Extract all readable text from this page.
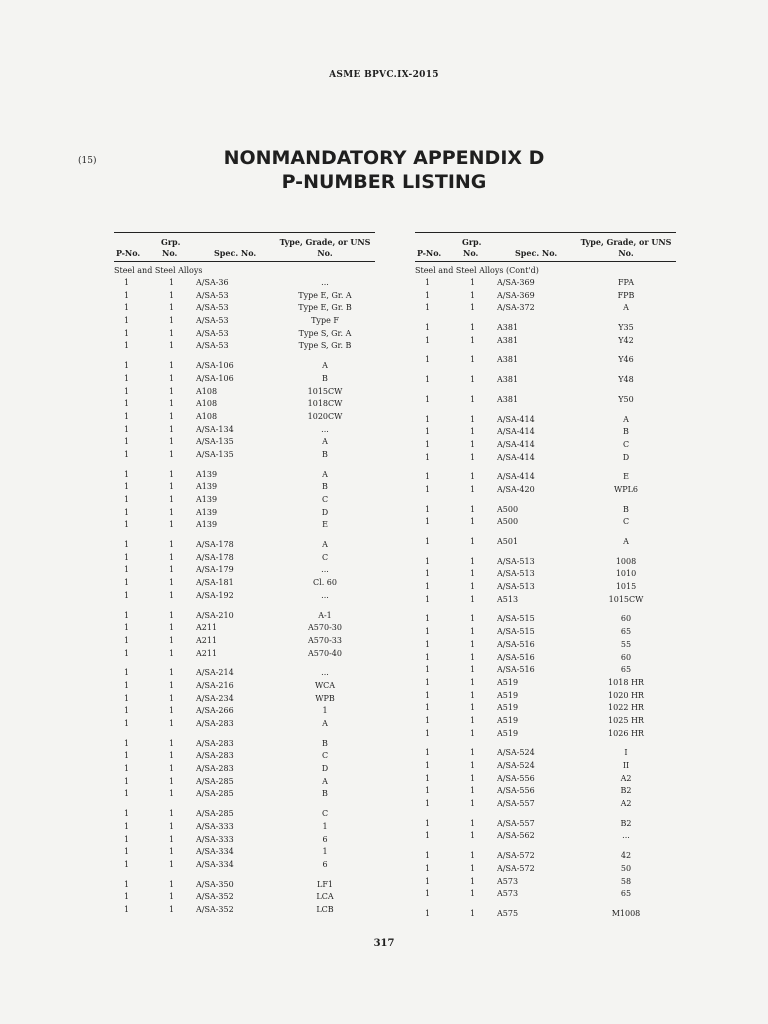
ASME BPVC.IX-2015
(15)	NONMANDATORY APPENDIX D
P-NUMBER LISTING
P-No.
Grp.
No.	Spec. No.
Type, Grade, or UNS
No.
Steel and Steel Alloys
1	1	A/SA-36	...
1	1	A/SA-53	Type E, Gr. A
1	1	A/SA-53	Type E, Gr. B
1	1	A/SA-53	Type F
1	1	A/SA-53	Type S, Gr. A
1	1	A/SA-53	Type S, Gr. B
1	1	A/SA-106	A
1	1	A/SA-106	B
1	1	A108	1015CW
1	1	A108	1018CW
1	1	A108	1020CW
1	1	A/SA-134	...
1	1	A/SA-135	A
1	1	A/SA-135	B
1	1	A139	A
1	1	A139	B
1	1	A139	C
1	1	A139	D
1	1	A139	E
1	1	A/SA-178	A
1	1	A/SA-178	C
1	1	A/SA-179	...
1	1	A/SA-181	Cl. 60
1	1	A/SA-192	...
1	1	A/SA-210	A-1
1	1	A211	A570-30
1	1	A211	A570-33
1	1	A211	A570-40
1	1	A/SA-214	...
1	1	A/SA-216	WCA
1	1	A/SA-234	WPB
1	1	A/SA-266	1
1	1	A/SA-283	A
1	1	A/SA-283	B
1	1	A/SA-283	C
1	1	A/SA-283	D
1	1	A/SA-285	A
1	1	A/SA-285	B
1	1	A/SA-285	C
1	1	A/SA-333	1
1	1	A/SA-333	6
1	1	A/SA-334	1
1	1	A/SA-334	6
1	1	A/SA-350	LF1
1	1	A/SA-352	LCA
1	1	A/SA-352	LCB
P-No.
Grp.
No.	Spec. No.
Type, Grade, or UNS
No.
Steel and Steel Alloys (Cont'd)
1	1	A/SA-369	FPA
1	1	A/SA-369	FPB
1	1	A/SA-372	A
1	1	A381	Y35
1	1	A381	Y42
1	1	A381	Y46
1	1	A381	Y48
1	1	A381	Y50
1	1	A/SA-414	A
1	1	A/SA-414	B
1	1	A/SA-414	C
1	1	A/SA-414	D
1	1	A/SA-414	E
1	1	A/SA-420	WPL6
1	1	A500	B
1	1	A500	C
1	1	A501	A
1	1	A/SA-513	1008
1	1	A/SA-513	1010
1	1	A/SA-513	1015
1	1	A513	1015CW
1	1	A/SA-515	60
1	1	A/SA-515	65
1	1	A/SA-516	55
1	1	A/SA-516	60
1	1	A/SA-516	65
1	1	A519	1018 HR
1	1	A519	1020 HR
1	1	A519	1022 HR
1	1	A519	1025 HR
1	1	A519	1026 HR
1	1	A/SA-524	I
1	1	A/SA-524	II
1	1	A/SA-556	A2
1	1	A/SA-556	B2
1	1	A/SA-557	A2
1	1	A/SA-557	B2
1	1	A/SA-562	...
1	1	A/SA-572	42
1	1	A/SA-572	50
1	1	A573	58
1	1	A573	65
1	1	A575	M1008
317
